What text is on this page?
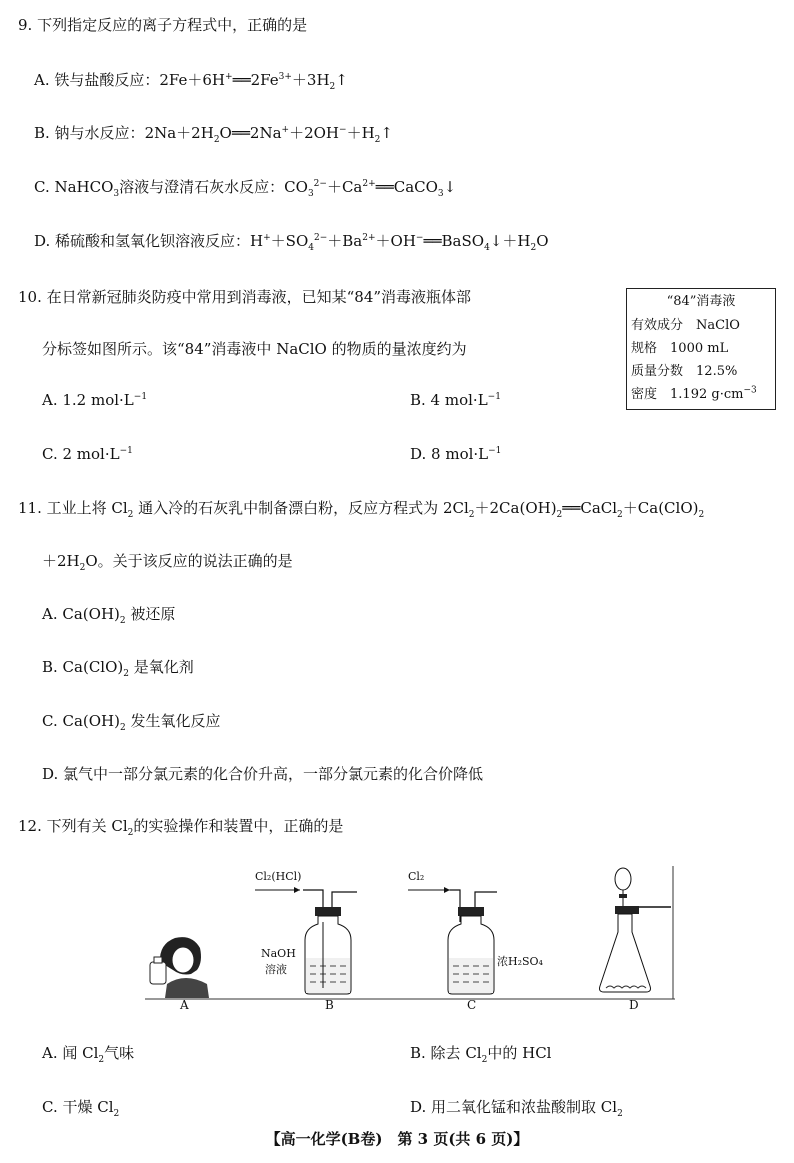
9. 下列指定反应的离子方程式中，正确的是
A. 铁与盐酸反应：$2Fe+6H^+══2Fe^{3+}+3H_2↑$
B. 钠与水反应：$2Na+2H_2O══2Na^++2OH^-+H_2↑$
C. NaHCO$_3$溶液与澄清石灰水反应：$CO_3^{2-}+Ca^{2+}══CaCO_3↓$
D. 稀硫酸和氢氧化钡溶液反应：$H^++SO_4^{2-}+Ba^{2+}+OH^-══BaSO_4↓+H_2O$
10. 在日常新冠肺炎防疫中常用到消毒液，已知某“84”消毒液瓶体部
分标签如图所示。该“84”消毒液中 NaClO 的物质的量浓度约为
“84”消毒液
有效成分　 NaClO
规格　 1000 mL
质量分数　 12.5%
密度　 1.192 $g\cdot cm^{-3}$
A. 1.2 $mol\cdot L^{-1}$	B. 4 $mol\cdot L^{-1}$
C. 2 $mol\cdot L^{-1}$	D. 8 $mol\cdot L^{-1}$
11. 工业上将 $Cl_2$ 通入冷的石灰乳中制备漂白粉，反应方程式为 $2Cl_2+2Ca(OH)_2══CaCl_2+Ca(ClO)_2$
$+2H_2O$。关于该反应的说法正确的是
A. $Ca(OH)_2$ 被还原
B. $Ca(ClO)_2$ 是氧化剂
C. $Ca(OH)_2$ 发生氧化反应
D. 氯气中一部分氯元素的化合价升高，一部分氯元素的化合价降低
12. 下列有关 $Cl_2$的实验操作和装置中，正确的是
Cl₂(HCl)	Cl₂
NaOH
溶液
浓H₂SO₄
A	B	C	D
A. 闻 $Cl_2$气味	B. 除去 $Cl_2$中的 HCl
C. 干燥 $Cl_2$	D. 用二氧化锰和浓盐酸制取 $Cl_2$
【高一化学(B卷)　第 3 页(共 6 页)】
